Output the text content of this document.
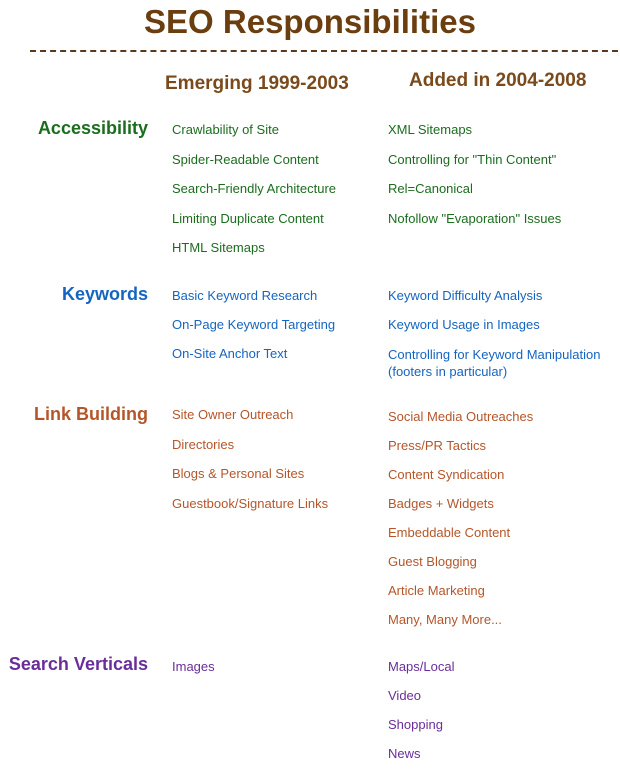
SEO Responsibilities
Emerging 1999-2003	Added in 2004-2008
Accessibility Crawlability of Site
Spider-Readable Content
Search-Friendly Architecture
Limiting Duplicate Content
HTML Sitemaps
XML Sitemaps
Controlling for "Thin Content"
Rel=Canonical
Nofollow "Evaporation" Issues
Keywords Basic Keyword Research
On-Page Keyword Targeting
On-Site Anchor Text
Keyword Difficulty Analysis
Keyword Usage in Images
Controlling for Keyword Manipulation (footers in particular)
Link Building Site Owner Outreach
Directories
Blogs & Personal Sites
Guestbook/Signature Links
Social Media Outreaches
Press/PR Tactics
Content Syndication
Badges + Widgets
Embeddable Content
Guest Blogging
Article Marketing
Many, Many More...
Search Verticals Images	Maps/Local
Video
Shopping
News
